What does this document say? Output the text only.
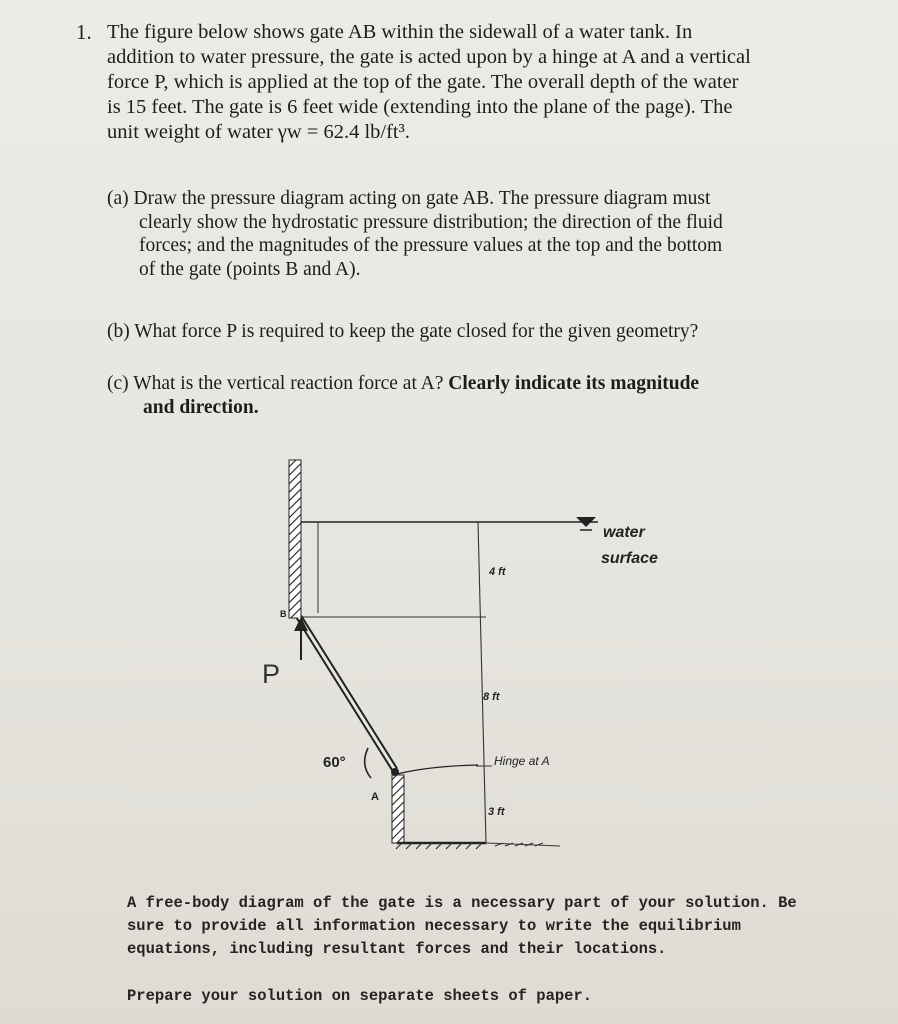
1. The figure below shows gate AB within the sidewall of a water tank. In
addition to water pressure, the gate is acted upon by a hinge at A and a vertical
force P, which is applied at the top of the gate. The overall depth of the water
is 15 feet. The gate is 6 feet wide (extending into the plane of the page). The
unit weight of water γw = 62.4 lb/ft³.
(a) Draw the pressure diagram acting on gate AB. The pressure diagram must
clearly show the hydrostatic pressure distribution; the direction of the fluid
forces; and the magnitudes of the pressure values at the top and the bottom
of the gate (points B and A).
(b) What force P is required to keep the gate closed for the given geometry?
(c) What is the vertical reaction force at A? Clearly indicate its magnitude
and direction.
water
surface
4 ft
8 ft
3 ft
P
B
A
60°	Hinge at A
A free-body diagram of the gate is a necessary part of your solution. Be
sure to provide all information necessary to write the equilibrium
equations, including resultant forces and their locations.
Prepare your solution on separate sheets of paper.
